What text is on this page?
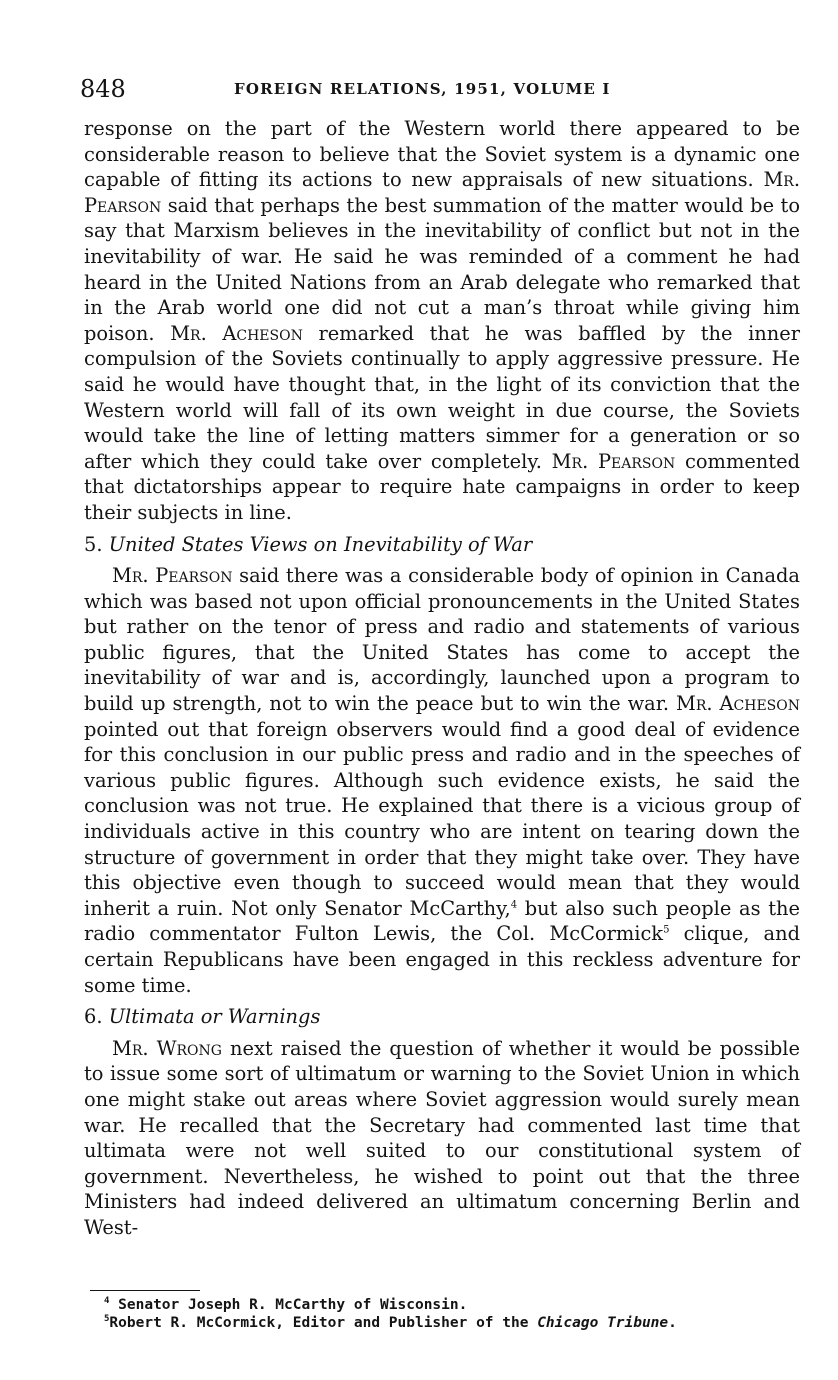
848	FOREIGN RELATIONS, 1951, VOLUME I

response on the part of the Western world there appeared to be considerable reason to believe that the Soviet system is a dynamic one capable of fitting its actions to new appraisals of new situations. Mr. Pearson said that perhaps the best summation of the matter would be to say that Marxism believes in the inevitability of conflict but not in the inevitability of war. He said he was reminded of a comment he had heard in the United Nations from an Arab delegate who remarked that in the Arab world one did not cut a man’s throat while giving him poison. Mr. Acheson remarked that he was baffled by the inner compulsion of the Soviets continually to apply aggressive pressure. He said he would have thought that, in the light of its conviction that the Western world will fall of its own weight in due course, the Soviets would take the line of letting matters simmer for a generation or so after which they could take over completely. Mr. Pearson commented that dictatorships appear to require hate campaigns in order to keep their subjects in line.

5. United States Views on Inevitability of War

Mr. Pearson said there was a considerable body of opinion in Canada which was based not upon official pronouncements in the United States but rather on the tenor of press and radio and statements of various public figures, that the United States has come to accept the inevitability of war and is, accordingly, launched upon a program to build up strength, not to win the peace but to win the war. Mr. Acheson pointed out that foreign observers would find a good deal of evidence for this conclusion in our public press and radio and in the speeches of various public figures. Although such evidence exists, he said the conclusion was not true. He explained that there is a vicious group of individuals active in this country who are intent on tearing down the structure of government in order that they might take over. They have this objective even though to succeed would mean that they would inherit a ruin. Not only Senator McCarthy,$^4$ but also such people as the radio commentator Fulton Lewis, the Col. McCormick$^5$ clique, and certain Republicans have been engaged in this reckless adventure for some time.

6. Ultimata or Warnings

Mr. Wrong next raised the question of whether it would be possible to issue some sort of ultimatum or warning to the Soviet Union in which one might stake out areas where Soviet aggression would surely mean war. He recalled that the Secretary had commented last time that ultimata were not well suited to our constitutional system of government. Nevertheless, he wished to point out that the three Ministers had indeed delivered an ultimatum concerning Berlin and West-

$^4$ Senator Joseph R. McCarthy of Wisconsin.

$^5$Robert R. McCormick, Editor and Publisher of the Chicago Tribune.
